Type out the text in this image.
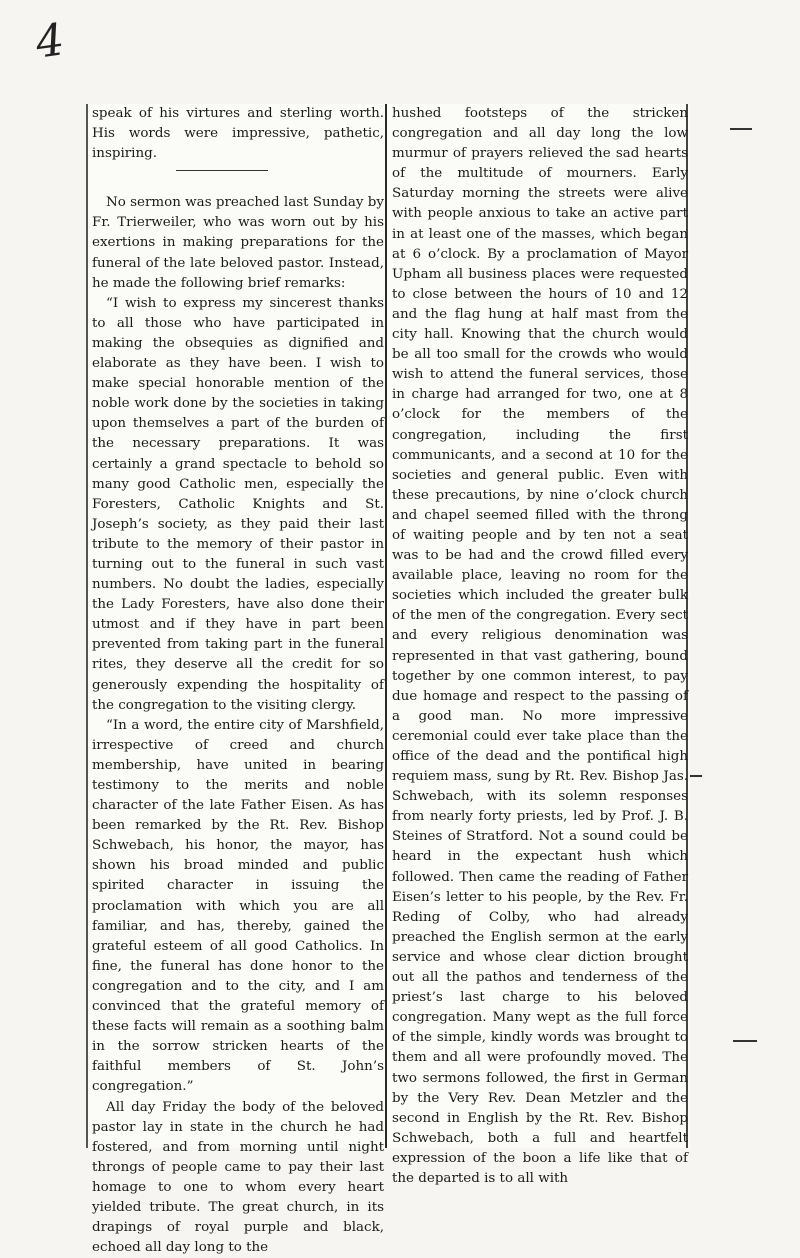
4

speak of his virtures and sterling worth. His words were impressive, pathetic, inspiring.

No sermon was preached last Sunday by Fr. Trierweiler, who was worn out by his exertions in making preparations for the funeral of the late beloved pastor. Instead, he made the following brief remarks:

“I wish to express my sincerest thanks to all those who have participated in making the obsequies as dignified and elaborate as they have been. I wish to make special honorable mention of the noble work done by the societies in taking upon themselves a part of the burden of the necessary preparations. It was certainly a grand spectacle to behold so many good Catholic men, especially the Foresters, Catholic Knights and St. Joseph’s society, as they paid their last tribute to the memory of their pastor in turning out to the funeral in such vast numbers. No doubt the ladies, especially the Lady Foresters, have also done their utmost and if they have in part been prevented from taking part in the funeral rites, they deserve all the credit for so generously expending the hospitality of the congregation to the visiting clergy.

“In a word, the entire city of Marshfield, irrespective of creed and church membership, have united in bearing testimony to the merits and noble character of the late Father Eisen. As has been remarked by the Rt. Rev. Bishop Schwebach, his honor, the mayor, has shown his broad minded and public spirited character in issuing the proclamation with which you are all familiar, and has, thereby, gained the grateful esteem of all good Catholics. In fine, the funeral has done honor to the congregation and to the city, and I am convinced that the grateful memory of these facts will remain as a soothing balm in the sorrow stricken hearts of the faithful members of St. John’s congregation.”

All day Friday the body of the beloved pastor lay in state in the church he had fostered, and from morning until night throngs of people came to pay their last homage to one to whom every heart yielded tribute. The great church, in its drapings of royal purple and black, echoed all day long to the

hushed footsteps of the stricken congregation and all day long the low murmur of prayers relieved the sad hearts of the multitude of mourners. Early Saturday morning the streets were alive with people anxious to take an active part in at least one of the masses, which began at 6 o’clock. By a proclamation of Mayor Upham all business places were requested to close between the hours of 10 and 12 and the flag hung at half mast from the city hall. Knowing that the church would be all too small for the crowds who would wish to attend the funeral services, those in charge had arranged for two, one at 8 o’clock for the members of the congregation, including the first communicants, and a second at 10 for the societies and general public. Even with these precautions, by nine o’clock church and chapel seemed filled with the throng of waiting people and by ten not a seat was to be had and the crowd filled every available place, leaving no room for the societies which included the greater bulk of the men of the congregation. Every sect and every religious denomination was represented in that vast gathering, bound together by one common interest, to pay due homage and respect to the passing of a good man. No more impressive ceremonial could ever take place than the office of the dead and the pontifical high requiem mass, sung by Rt. Rev. Bishop Jas. Schwebach, with its solemn responses from nearly forty priests, led by Prof. J. B. Steines of Stratford. Not a sound could be heard in the expectant hush which followed. Then came the reading of Father Eisen’s letter to his people, by the Rev. Fr. Reding of Colby, who had already preached the English sermon at the early service and whose clear diction brought out all the pathos and tenderness of the priest’s last charge to his beloved congregation. Many wept as the full force of the simple, kindly words was brought to them and all were profoundly moved. The two sermons followed, the first in German by the Very Rev. Dean Metzler and the second in English by the Rt. Rev. Bishop Schwebach, both a full and heartfelt expression of the boon a life like that of the departed is to all with
